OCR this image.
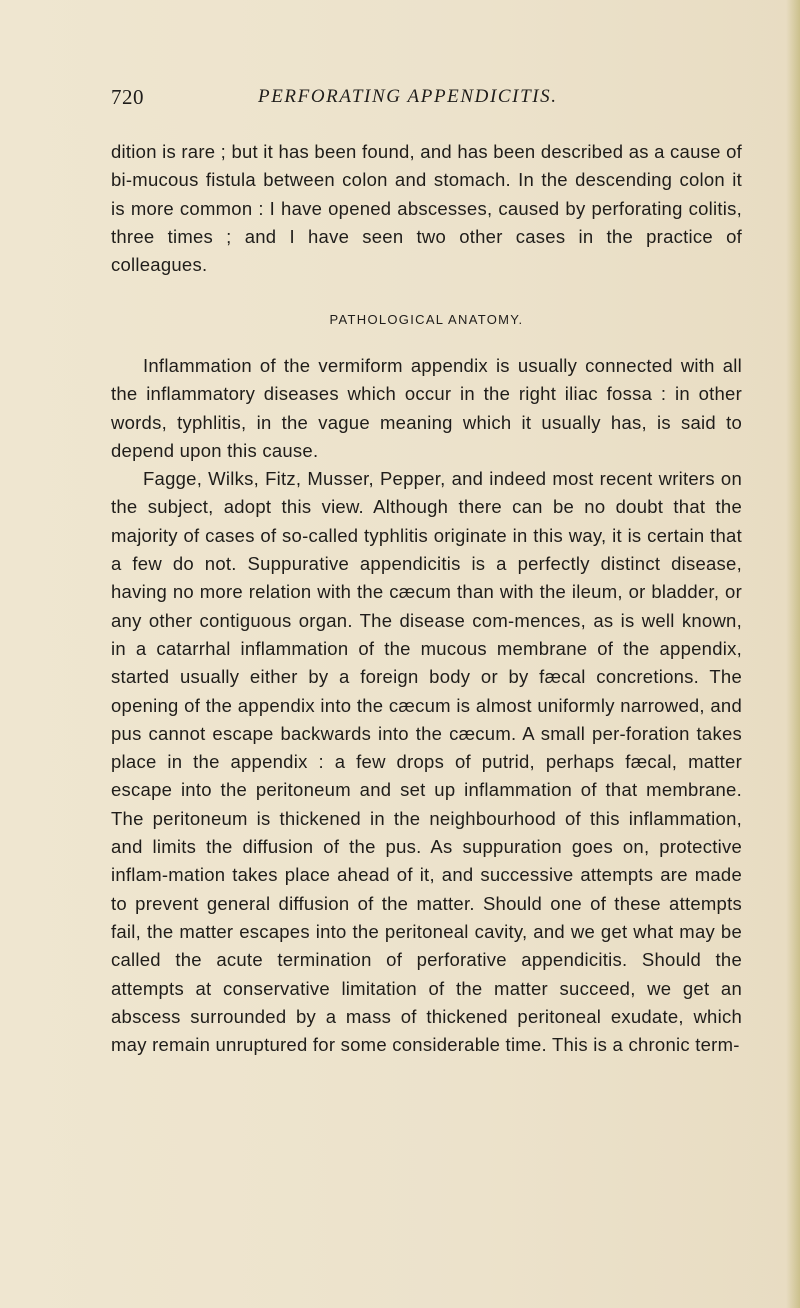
720	PERFORATING APPENDICITIS.

dition is rare ; but it has been found, and has been described as a cause of bi-mucous fistula between colon and stomach. In the descending colon it is more common : I have opened abscesses, caused by perforating colitis, three times ; and I have seen two other cases in the practice of colleagues.

PATHOLOGICAL ANATOMY.

Inflammation of the vermiform appendix is usually connected with all the inflammatory diseases which occur in the right iliac fossa : in other words, typhlitis, in the vague meaning which it usually has, is said to depend upon this cause.

Fagge, Wilks, Fitz, Musser, Pepper, and indeed most recent writers on the subject, adopt this view. Although there can be no doubt that the majority of cases of so-called typhlitis originate in this way, it is certain that a few do not. Suppurative appendicitis is a perfectly distinct disease, having no more relation with the cæcum than with the ileum, or bladder, or any other contiguous organ. The disease com-mences, as is well known, in a catarrhal inflammation of the mucous membrane of the appendix, started usually either by a foreign body or by fæcal concretions. The opening of the appendix into the cæcum is almost uniformly narrowed, and pus cannot escape backwards into the cæcum. A small per-foration takes place in the appendix : a few drops of putrid, perhaps fæcal, matter escape into the peritoneum and set up inflammation of that membrane. The peritoneum is thickened in the neighbourhood of this inflammation, and limits the diffusion of the pus. As suppuration goes on, protective inflam-mation takes place ahead of it, and successive attempts are made to prevent general diffusion of the matter. Should one of these attempts fail, the matter escapes into the peritoneal cavity, and we get what may be called the acute termination of perforative appendicitis. Should the attempts at conservative limitation of the matter succeed, we get an abscess surrounded by a mass of thickened peritoneal exudate, which may remain unruptured for some considerable time. This is a chronic term-
